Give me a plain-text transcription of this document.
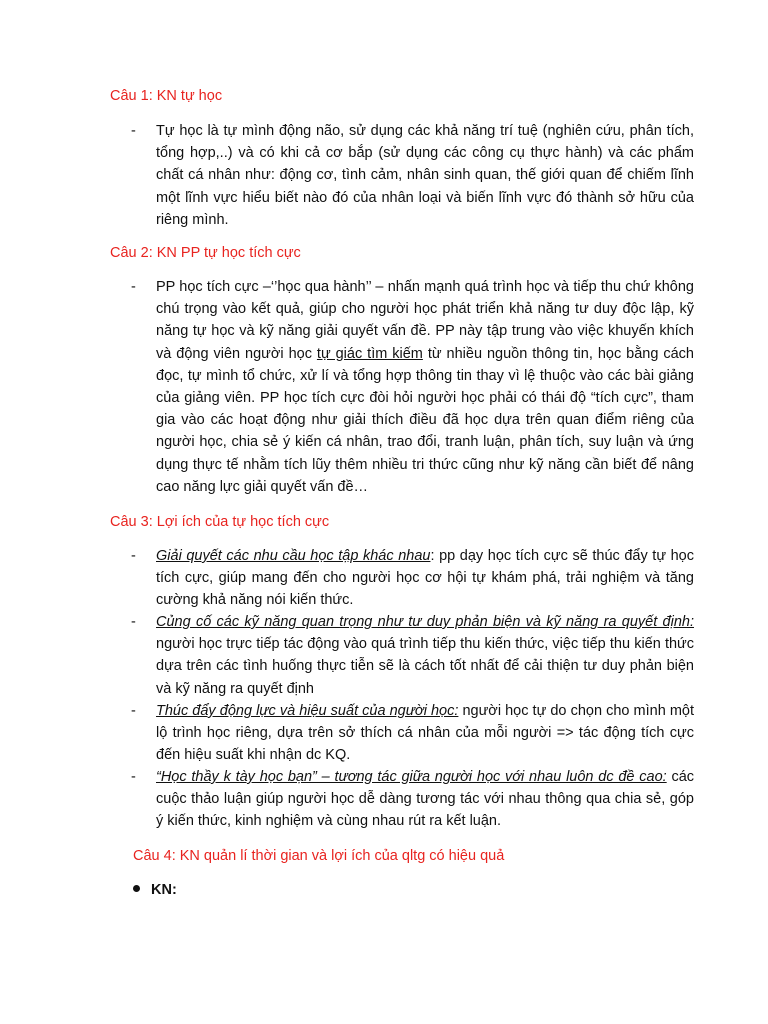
Câu 1: KN tự học
- Tự học là tự mình động não, sử dụng các khả năng trí tuệ (nghiên cứu, phân tích, tổng hợp,..) và có khi cả cơ bắp (sử dụng các công cụ thực hành) và các phẩm chất cá nhân như: động cơ, tình cảm, nhân sinh quan, thế giới quan để chiếm lĩnh một lĩnh vực hiểu biết nào đó của nhân loại và biến lĩnh vực đó thành sở hữu của riêng mình.
Câu 2: KN PP tự học tích cực
- PP học tích cực –‘’học qua hành’’ – nhấn mạnh quá trình học và tiếp thu chứ không chú trọng vào kết quả, giúp cho người học phát triển khả năng tư duy độc lập, kỹ năng tự học và kỹ năng giải quyết vấn đề. PP này tập trung vào việc khuyến khích và động viên người học tự giác tìm kiếm từ nhiều nguồn thông tin, học bằng cách đọc, tự mình tổ chức, xử lí và tổng hợp thông tin thay vì lệ thuộc vào các bài giảng của giảng viên. PP học tích cực đòi hỏi người học phải có thái độ “tích cực”, tham gia vào các hoạt động như giải thích điều đã học dựa trên quan điểm riêng của người học, chia sẻ ý kiến cá nhân, trao đổi, tranh luận, phân tích, suy luận và ứng dụng thực tế nhằm tích lũy thêm nhiều tri thức cũng như kỹ năng cần biết để nâng cao năng lực giải quyết vấn đề…
Câu 3: Lợi ích của tự học tích cực
- Giải quyết các nhu cầu học tập khác nhau: pp dạy học tích cực sẽ thúc đẩy tự học tích cực, giúp mang đến cho người học cơ hội tự khám phá, trải nghiệm và tăng cường khả năng nói kiến thức.
- Củng cố các kỹ năng quan trọng như tư duy phản biện và kỹ năng ra quyết định: người học trực tiếp tác động vào quá trình tiếp thu kiến thức, việc tiếp thu kiến thức dựa trên các tình huống thực tiễn sẽ là cách tốt nhất để cải thiện tư duy phản biện và kỹ năng ra quyết định
- Thúc đẩy động lực và hiệu suất của người học: người học tự do chọn cho mình một lộ trình học riêng, dựa trên sở thích cá nhân của mỗi người => tác động tích cực đến hiệu suất khi nhận dc KQ.
- “Học thầy k tày học bạn” – tương tác giữa người học với nhau luôn dc đề cao: các cuộc thảo luận giúp người học dễ dàng tương tác với nhau thông qua chia sẻ, góp ý kiến thức, kinh nghiệm và cùng nhau rút ra kết luận.
Câu 4: KN quản lí thời gian và lợi ích của qltg có hiệu quả
KN:
